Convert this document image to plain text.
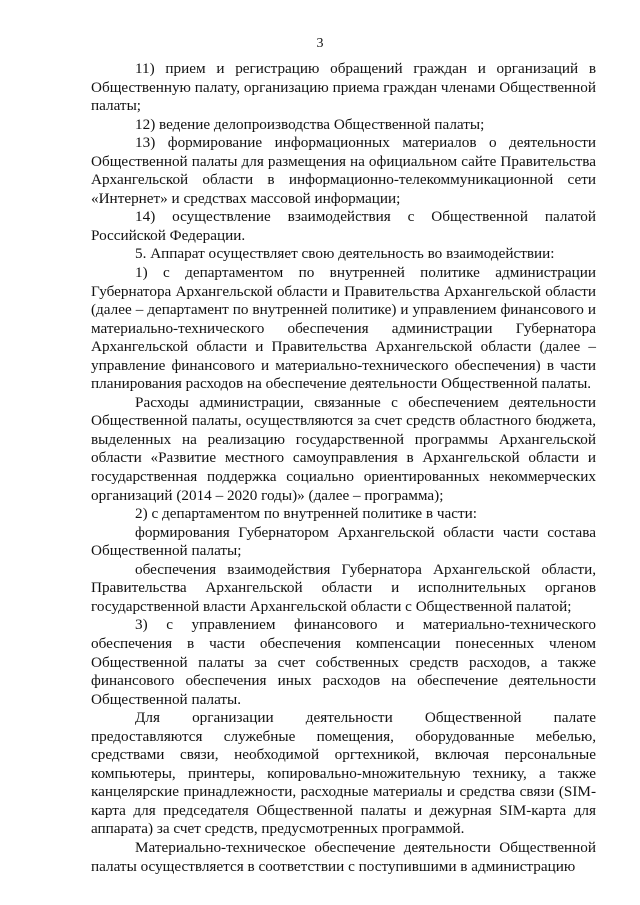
3

11) прием и регистрацию обращений граждан и организаций в Общественную палату, организацию приема граждан членами Общественной палаты;

12) ведение делопроизводства Общественной палаты;

13) формирование информационных материалов о деятельности Общественной палаты для размещения на официальном сайте Правительства Архангельской области в информационно-телекоммуникационной сети «Интернет» и средствах массовой информации;

14) осуществление взаимодействия с Общественной палатой Российской Федерации.

5. Аппарат осуществляет свою деятельность во взаимодействии:

1) с департаментом по внутренней политике администрации Губернатора Архангельской области и Правительства Архангельской области (далее – департамент по внутренней политике) и управлением финансового и материально-технического обеспечения администрации Губернатора Архангельской области и Правительства Архангельской области (далее – управление финансового и материально-технического обеспечения) в части планирования расходов на обеспечение деятельности Общественной палаты.

Расходы администрации, связанные с обеспечением деятельности Общественной палаты, осуществляются за счет средств областного бюджета, выделенных на реализацию государственной программы Архангельской области «Развитие местного самоуправления в Архангельской области и государственная поддержка социально ориентированных некоммерческих организаций (2014 – 2020 годы)» (далее – программа);

2) с департаментом по внутренней политике в части:

формирования Губернатором Архангельской области части состава Общественной палаты;

обеспечения взаимодействия Губернатора Архангельской области, Правительства Архангельской области и исполнительных органов государственной власти Архангельской области с Общественной палатой;

3) с управлением финансового и материально-технического обеспечения в части обеспечения компенсации понесенных членом Общественной палаты за счет собственных средств расходов, а также финансового обеспечения иных расходов на обеспечение деятельности Общественной палаты.

Для организации деятельности Общественной палате предоставляются служебные помещения, оборудованные мебелью, средствами связи, необходимой оргтехникой, включая персональные компьютеры, принтеры, копировально-множительную технику, а также канцелярские принадлежности, расходные материалы и средства связи (SIM-карта для председателя Общественной палаты и дежурная SIM-карта для аппарата) за счет средств, предусмотренных программой.

Материально-техническое обеспечение деятельности Общественной палаты осуществляется в соответствии с поступившими в администрацию
